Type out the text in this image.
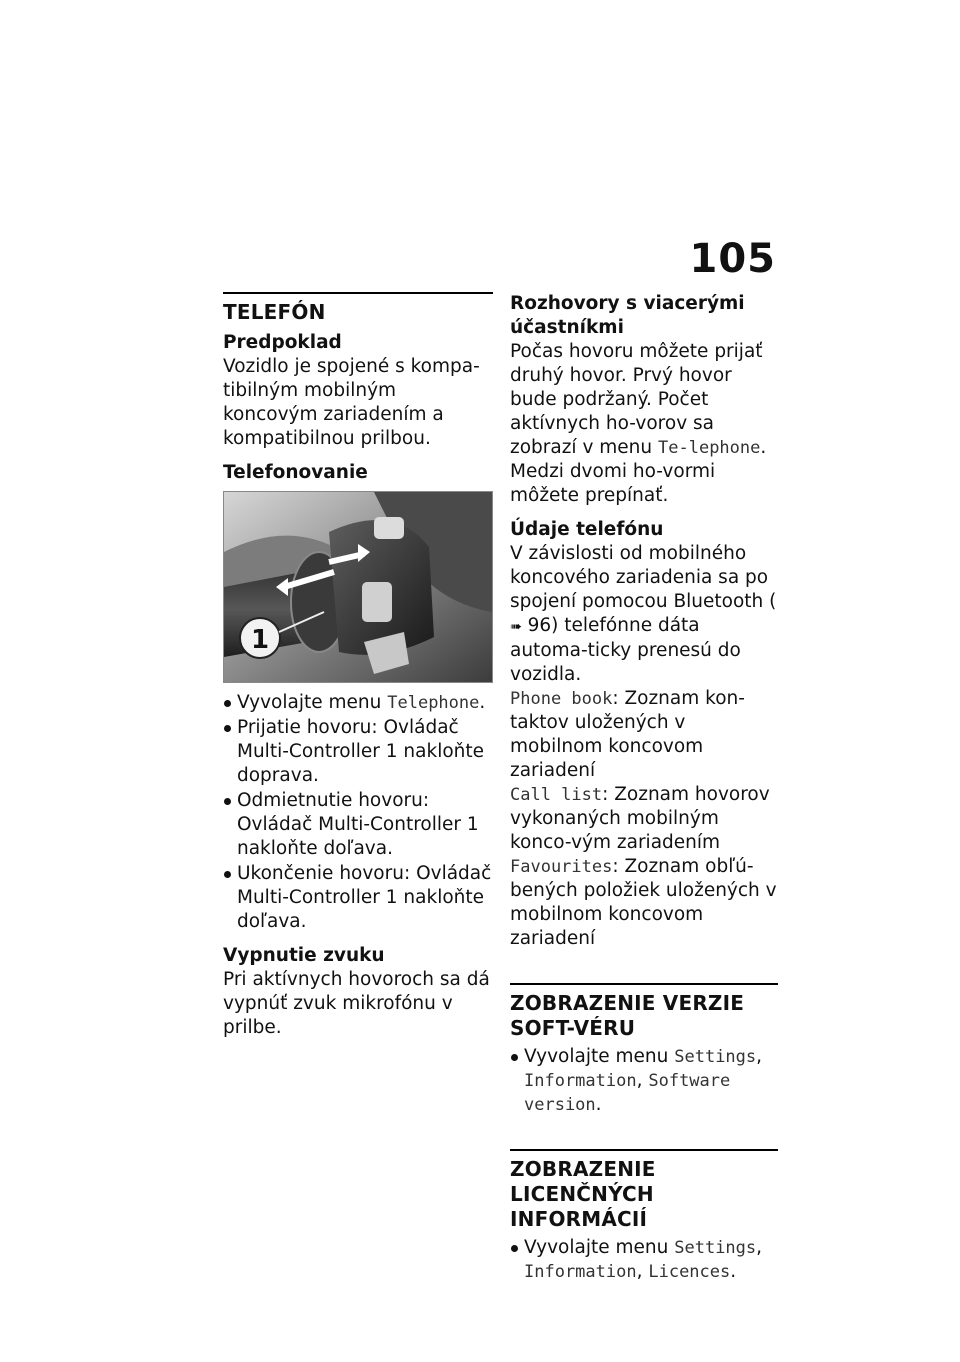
105
TELEFÓN
Predpoklad

Vozidlo je spojené s kompa-tibilným mobilným koncovým zariadením a kompatibilnou prilbou.

Telefonovanie
1
Vyvolajte menu Telephone.
Prijatie hovoru: Ovládač Multi-Controller 1 nakloňte doprava.
Odmietnutie hovoru: Ovládač Multi-Controller 1 nakloňte doľava.
Ukončenie hovoru: Ovládač Multi-Controller 1 nakloňte doľava.
Vypnutie zvuku

Pri aktívnych hovoroch sa dá vypnúť zvuk mikrofónu v prilbe.

Rozhovory s viacerými účastníkmi

Počas hovoru môžete prijať druhý hovor. Prvý hovor bude podržaný. Počet aktívnych ho-vorov sa zobrazí v menu Te-lephone. Medzi dvomi ho-vormi môžete prepínať.

Údaje telefónu

V závislosti od mobilného koncového zariadenia sa po spojení pomocou Bluetooth (➠ 96) telefónne dáta automa-ticky prenesú do vozidla.

Phone book: Zoznam kon-taktov uložených v mobilnom koncovom zariadení

Call list: Zoznam hovorov vykonaných mobilným konco-vým zariadením

Favourites: Zoznam obľú-bených položiek uložených v mobilnom koncovom zariadení

ZOBRAZENIE VERZIE SOFT-VÉRU
Vyvolajte menu Settings, Information, Software version.
ZOBRAZENIE LICENČNÝCH INFORMÁCIÍ
Vyvolajte menu Settings, Information, Licences.
